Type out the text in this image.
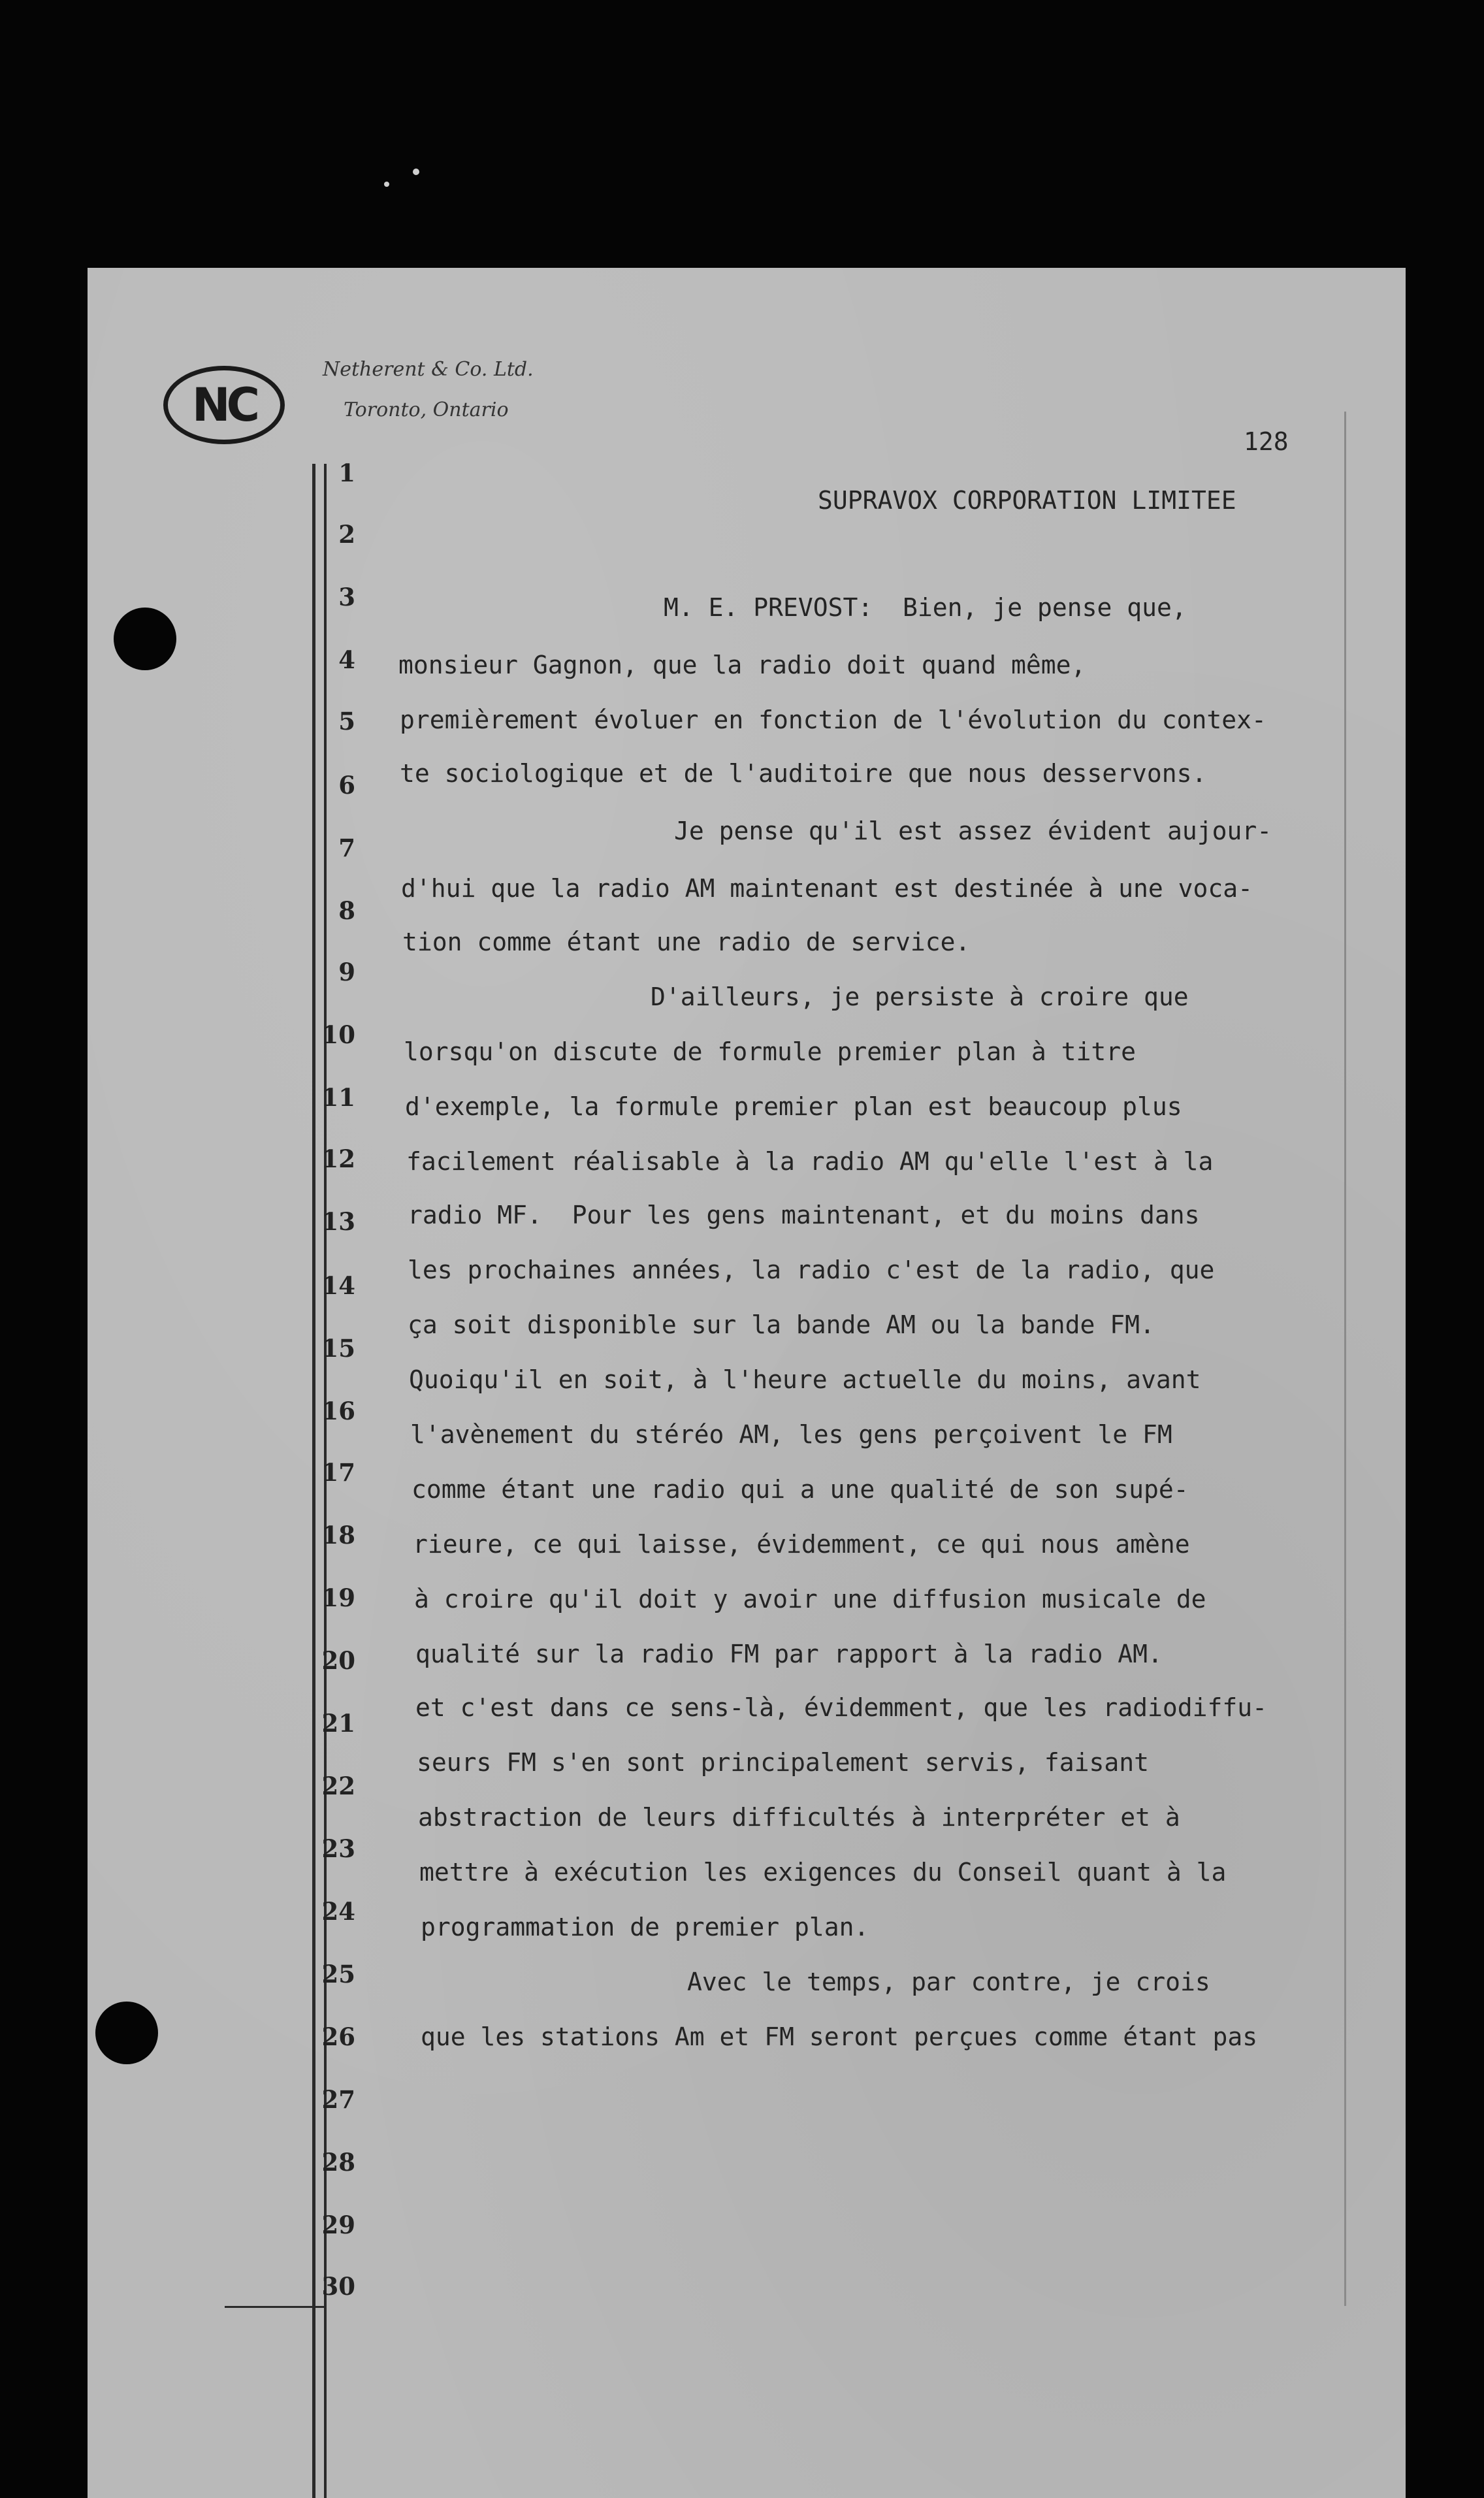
NC
Netherent & Co. Ltd.
Toronto, Ontario
128
SUPRAVOX CORPORATION LIMITEE
1
2
3
4
5
6
7
8
9
10
11
12
13
14
15
16
17
18
19
20
21
22
23
24
25
26
27
28
29
30
M. E. PREVOST:  Bien, je pense que,
monsieur Gagnon, que la radio doit quand même,
premièrement évoluer en fonction de l'évolution du contex-
te sociologique et de l'auditoire que nous desservons.
Je pense qu'il est assez évident aujour-
d'hui que la radio AM maintenant est destinée à une voca-
tion comme étant une radio de service.
D'ailleurs, je persiste à croire que
lorsqu'on discute de formule premier plan à titre
d'exemple, la formule premier plan est beaucoup plus
facilement réalisable à la radio AM qu'elle l'est à la
radio MF.  Pour les gens maintenant, et du moins dans
les prochaines années, la radio c'est de la radio, que
ça soit disponible sur la bande AM ou la bande FM.
Quoiqu'il en soit, à l'heure actuelle du moins, avant
l'avènement du stéréo AM, les gens perçoivent le FM
comme étant une radio qui a une qualité de son supé-
rieure, ce qui laisse, évidemment, ce qui nous amène
à croire qu'il doit y avoir une diffusion musicale de
qualité sur la radio FM par rapport à la radio AM.
et c'est dans ce sens-là, évidemment, que les radiodiffu-
seurs FM s'en sont principalement servis, faisant
abstraction de leurs difficultés à interpréter et à
mettre à exécution les exigences du Conseil quant à la
programmation de premier plan.
Avec le temps, par contre, je crois
que les stations Am et FM seront perçues comme étant pas
